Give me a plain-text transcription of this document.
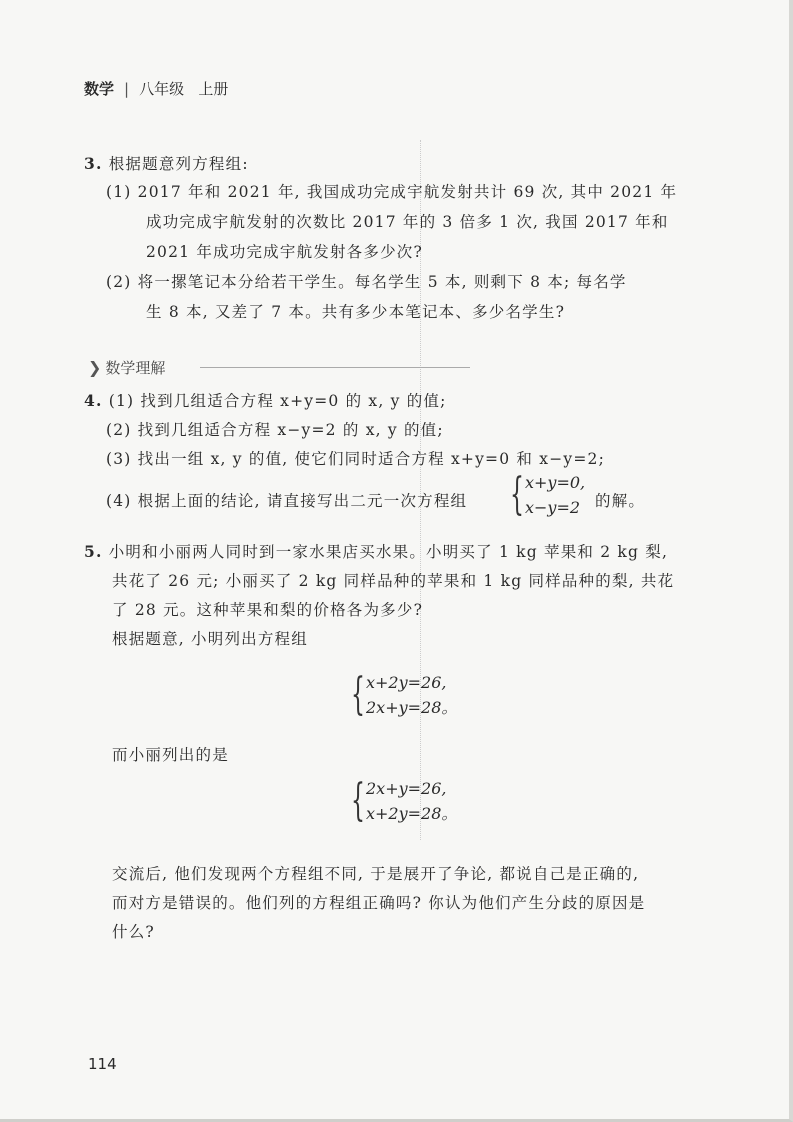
数学 | 八年级 上册
3. 根据题意列方程组:
(1) 2017 年和 2021 年, 我国成功完成宇航发射共计 69 次, 其中 2021 年
成功完成宇航发射的次数比 2017 年的 3 倍多 1 次, 我国 2017 年和
2021 年成功完成宇航发射各多少次?
(2) 将一摞笔记本分给若干学生。每名学生 5 本, 则剩下 8 本; 每名学
生 8 本, 又差了 7 本。共有多少本笔记本、多少名学生?
❯ 数学理解
4. (1) 找到几组适合方程 x+y=0 的 x, y 的值;
(2) 找到几组适合方程 x−y=2 的 x, y 的值;
(3) 找出一组 x, y 的值, 使它们同时适合方程 x+y=0 和 x−y=2;
(4) 根据上面的结论, 请直接写出二元一次方程组 { x+y=0,
x−y=2 的解。
5. 小明和小丽两人同时到一家水果店买水果。小明买了 1 kg 苹果和 2 kg 梨,
共花了 26 元; 小丽买了 2 kg 同样品种的苹果和 1 kg 同样品种的梨, 共花
了 28 元。这种苹果和梨的价格各为多少?
根据题意, 小明列出方程组
{ x+2y=26,
2x+y=28。
而小丽列出的是
{ 2x+y=26,
x+2y=28。
交流后, 他们发现两个方程组不同, 于是展开了争论, 都说自己是正确的,
而对方是错误的。他们列的方程组正确吗? 你认为他们产生分歧的原因是
什么?
114
